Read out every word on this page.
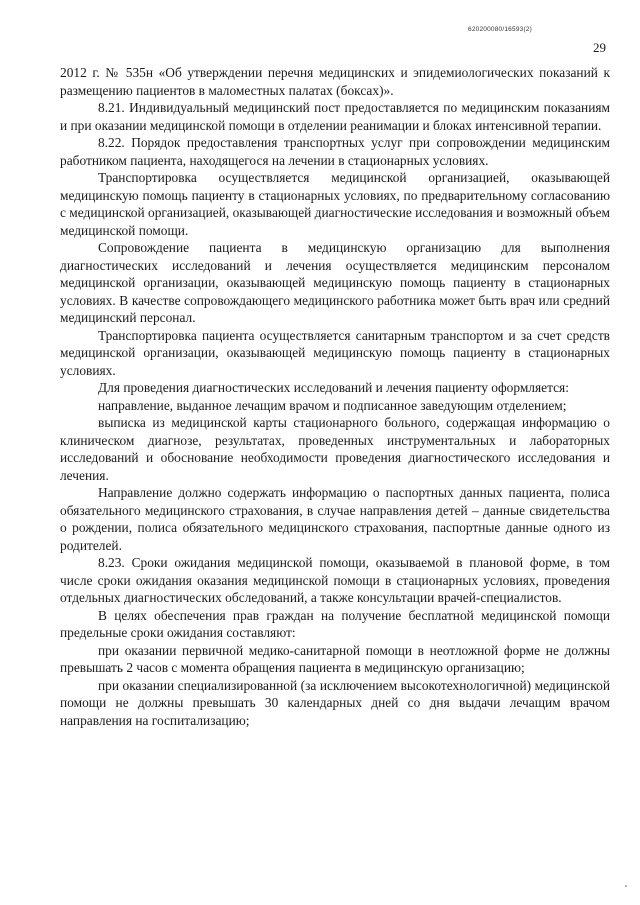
620200080/16593(2)
29

2012 г. № 535н «Об утверждении перечня медицинских и эпидемиологических показаний к размещению пациентов в маломестных палатах (боксах)».

8.21. Индивидуальный медицинский пост предоставляется по медицинским показаниям и при оказании медицинской помощи в отделении реанимации и блоках интенсивной терапии.

8.22. Порядок предоставления транспортных услуг при сопровождении медицинским работником пациента, находящегося на лечении в стационарных условиях.

Транспортировка осуществляется медицинской организацией, оказывающей медицинскую помощь пациенту в стационарных условиях, по предварительному согласованию с медицинской организацией, оказывающей диагностические исследования и возможный объем медицинской помощи.

Сопровождение пациента в медицинскую организацию для выполнения диагностических исследований и лечения осуществляется медицинским персоналом медицинской организации, оказывающей медицинскую помощь пациенту в стационарных условиях. В качестве сопровождающего медицинского работника может быть врач или средний медицинский персонал.

Транспортировка пациента осуществляется санитарным транспортом и за счет средств медицинской организации, оказывающей медицинскую помощь пациенту в стационарных условиях.

Для проведения диагностических исследований и лечения пациенту оформляется:

направление, выданное лечащим врачом и подписанное заведующим отделением;

выписка из медицинской карты стационарного больного, содержащая информацию о клиническом диагнозе, результатах, проведенных инструментальных и лабораторных исследований и обоснование необходимости проведения диагностического исследования и лечения.

Направление должно содержать информацию о паспортных данных пациента, полиса обязательного медицинского страхования, в случае направления детей – данные свидетельства о рождении, полиса обязательного медицинского страхования, паспортные данные одного из родителей.

8.23. Сроки ожидания медицинской помощи, оказываемой в плановой форме, в том числе сроки ожидания оказания медицинской помощи в стационарных условиях, проведения отдельных диагностических обследований, а также консультации врачей-специалистов.

В целях обеспечения прав граждан на получение бесплатной медицинской помощи предельные сроки ожидания составляют:

при оказании первичной медико-санитарной помощи в неотложной форме не должны превышать 2 часов с момента обращения пациента в медицинскую организацию;

при оказании специализированной (за исключением высокотехнологичной) медицинской помощи не должны превышать 30 календарных дней со дня выдачи лечащим врачом направления на госпитализацию;
